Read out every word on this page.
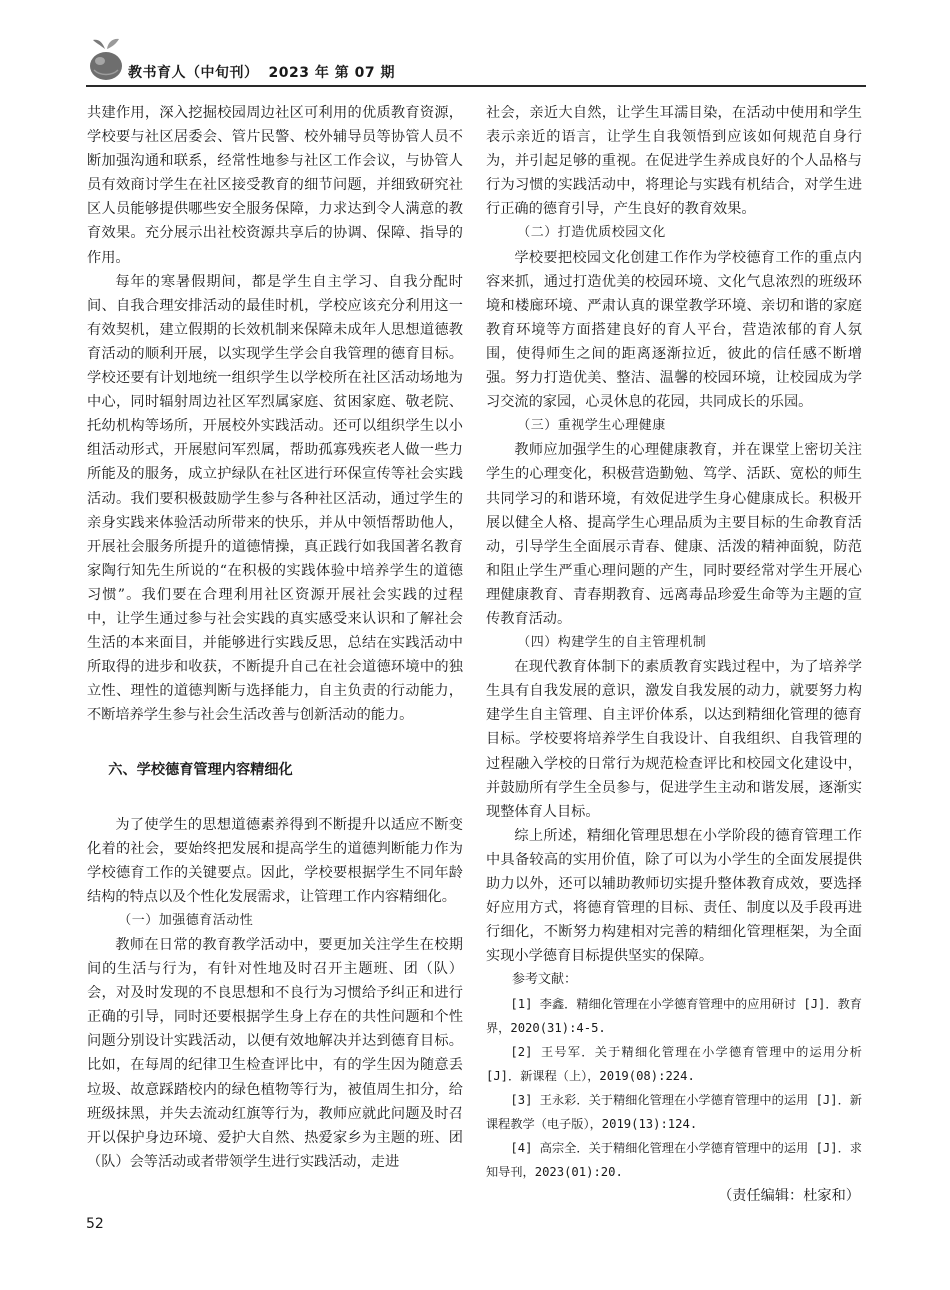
教书育人（中旬刊） 2023 年 第 07 期

共建作用，深入挖掘校园周边社区可利用的优质教育资源，学校要与社区居委会、管片民警、校外辅导员等协管人员不断加强沟通和联系，经常性地参与社区工作会议，与协管人员有效商讨学生在社区接受教育的细节问题，并细致研究社区人员能够提供哪些安全服务保障，力求达到令人满意的教育效果。充分展示出社校资源共享后的协调、保障、指导的作用。

每年的寒暑假期间，都是学生自主学习、自我分配时间、自我合理安排活动的最佳时机，学校应该充分利用这一有效契机，建立假期的长效机制来保障未成年人思想道德教育活动的顺利开展，以实现学生学会自我管理的德育目标。学校还要有计划地统一组织学生以学校所在社区活动场地为中心，同时辐射周边社区军烈属家庭、贫困家庭、敬老院、托幼机构等场所，开展校外实践活动。还可以组织学生以小组活动形式，开展慰问军烈属，帮助孤寡残疾老人做一些力所能及的服务，成立护绿队在社区进行环保宣传等社会实践活动。我们要积极鼓励学生参与各种社区活动，通过学生的亲身实践来体验活动所带来的快乐，并从中领悟帮助他人，开展社会服务所提升的道德情操，真正践行如我国著名教育家陶行知先生所说的“在积极的实践体验中培养学生的道德习惯”。我们要在合理利用社区资源开展社会实践的过程中，让学生通过参与社会实践的真实感受来认识和了解社会生活的本来面目，并能够进行实践反思，总结在实践活动中所取得的进步和收获，不断提升自己在社会道德环境中的独立性、理性的道德判断与选择能力，自主负责的行动能力，不断培养学生参与社会生活改善与创新活动的能力。

六、学校德育管理内容精细化

为了使学生的思想道德素养得到不断提升以适应不断变化着的社会，要始终把发展和提高学生的道德判断能力作为学校德育工作的关键要点。因此，学校要根据学生不同年龄结构的特点以及个性化发展需求，让管理工作内容精细化。

（一）加强德育活动性

教师在日常的教育教学活动中，要更加关注学生在校期间的生活与行为，有针对性地及时召开主题班、团（队）会，对及时发现的不良思想和不良行为习惯给予纠正和进行正确的引导，同时还要根据学生身上存在的共性问题和个性问题分别设计实践活动，以便有效地解决并达到德育目标。比如，在每周的纪律卫生检查评比中，有的学生因为随意丢垃圾、故意踩踏校内的绿色植物等行为，被值周生扣分，给班级抹黑，并失去流动红旗等行为，教师应就此问题及时召开以保护身边环境、爱护大自然、热爱家乡为主题的班、团（队）会等活动或者带领学生进行实践活动，走进

社会，亲近大自然，让学生耳濡目染，在活动中使用和学生表示亲近的语言，让学生自我领悟到应该如何规范自身行为，并引起足够的重视。在促进学生养成良好的个人品格与行为习惯的实践活动中，将理论与实践有机结合，对学生进行正确的德育引导，产生良好的教育效果。

（二）打造优质校园文化

学校要把校园文化创建工作作为学校德育工作的重点内容来抓，通过打造优美的校园环境、文化气息浓烈的班级环境和楼廊环境、严肃认真的课堂教学环境、亲切和谐的家庭教育环境等方面搭建良好的育人平台，营造浓郁的育人氛围，使得师生之间的距离逐渐拉近，彼此的信任感不断增强。努力打造优美、整洁、温馨的校园环境，让校园成为学习交流的家园，心灵休息的花园，共同成长的乐园。

（三）重视学生心理健康

教师应加强学生的心理健康教育，并在课堂上密切关注学生的心理变化，积极营造勤勉、笃学、活跃、宽松的师生共同学习的和谐环境，有效促进学生身心健康成长。积极开展以健全人格、提高学生心理品质为主要目标的生命教育活动，引导学生全面展示青春、健康、活泼的精神面貌，防范和阻止学生严重心理问题的产生，同时要经常对学生开展心理健康教育、青春期教育、远离毒品珍爱生命等为主题的宣传教育活动。

（四）构建学生的自主管理机制

在现代教育体制下的素质教育实践过程中，为了培养学生具有自我发展的意识，激发自我发展的动力，就要努力构建学生自主管理、自主评价体系，以达到精细化管理的德育目标。学校要将培养学生自我设计、自我组织、自我管理的过程融入学校的日常行为规范检查评比和校园文化建设中，并鼓励所有学生全员参与，促进学生主动和谐发展，逐渐实现整体育人目标。

综上所述，精细化管理思想在小学阶段的德育管理工作中具备较高的实用价值，除了可以为小学生的全面发展提供助力以外，还可以辅助教师切实提升整体教育成效，要选择好应用方式，将德育管理的目标、责任、制度以及手段再进行细化，不断努力构建相对完善的精细化管理框架，为全面实现小学德育目标提供坚实的保障。

参考文献：
[1] 李鑫．精细化管理在小学德育管理中的应用研讨 [J]．教育界，2020(31):4-5.
[2] 王号军．关于精细化管理在小学德育管理中的运用分析 [J]．新课程（上），2019(08):224.
[3] 王永彩．关于精细化管理在小学德育管理中的运用 [J]．新课程教学（电子版），2019(13):124.
[4] 高宗全．关于精细化管理在小学德育管理中的运用 [J]．求知导刊，2023(01):20.
（责任编辑：杜家和）
52
